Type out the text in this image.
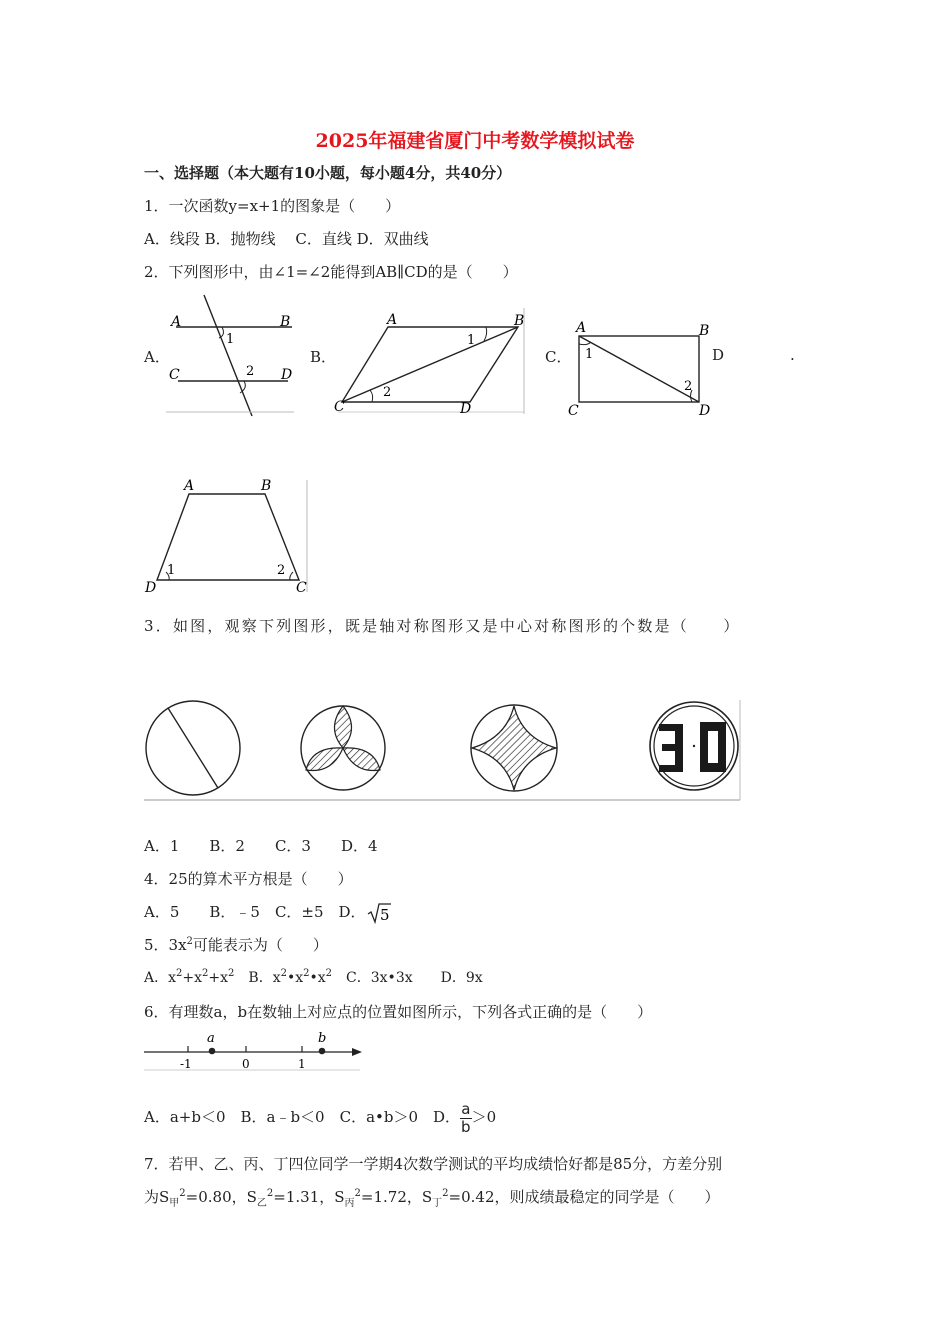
2025年福建省厦门中考数学模拟试卷
一、选择题（本大题有10小题，每小题4分，共40分）
1．一次函数y=x+1的图象是（　　）
A．线段 B．抛物线　 C．直线 D．双曲线
2．下列图形中，由∠1=∠2能得到AB∥CD的是（　　）
A．
A	B
1
C	2 D
B．
A	B
1
2
C	D
C．
A	B
1
2
C	D
D	.
A	B
1	2
D	C
3．如图，观察下列图形，既是轴对称图形又是中心对称图形的个数是（　　）
30
A．1　　B．2　　C．3　　D．4
4．25的算术平方根是（　　）
A．5　　B．﹣5　C．±5　D． 5
5．$3x^2$可能表示为（　　）
A．$x^2+x^2+x^2$　B．$x^2•x^2•x^2$　C．3x•3x　　D．9x
6．有理数a，b在数轴上对应点的位置如图所示，下列各式正确的是（　　）
a	b
-1	0	1
A．a+b＜0　B．a﹣b＜0　C．a•b＞0　D． $\frac{a}{b} >0$
7．若甲、乙、丙、丁四位同学一学期4次数学测试的平均成绩恰好都是85分，方差分别
为$S_甲^2=0.80$，$S_乙^2=1.31$，$S_丙^2=1.72$，$S_丁^2=0.42$，则成绩最稳定的同学是（　　）
